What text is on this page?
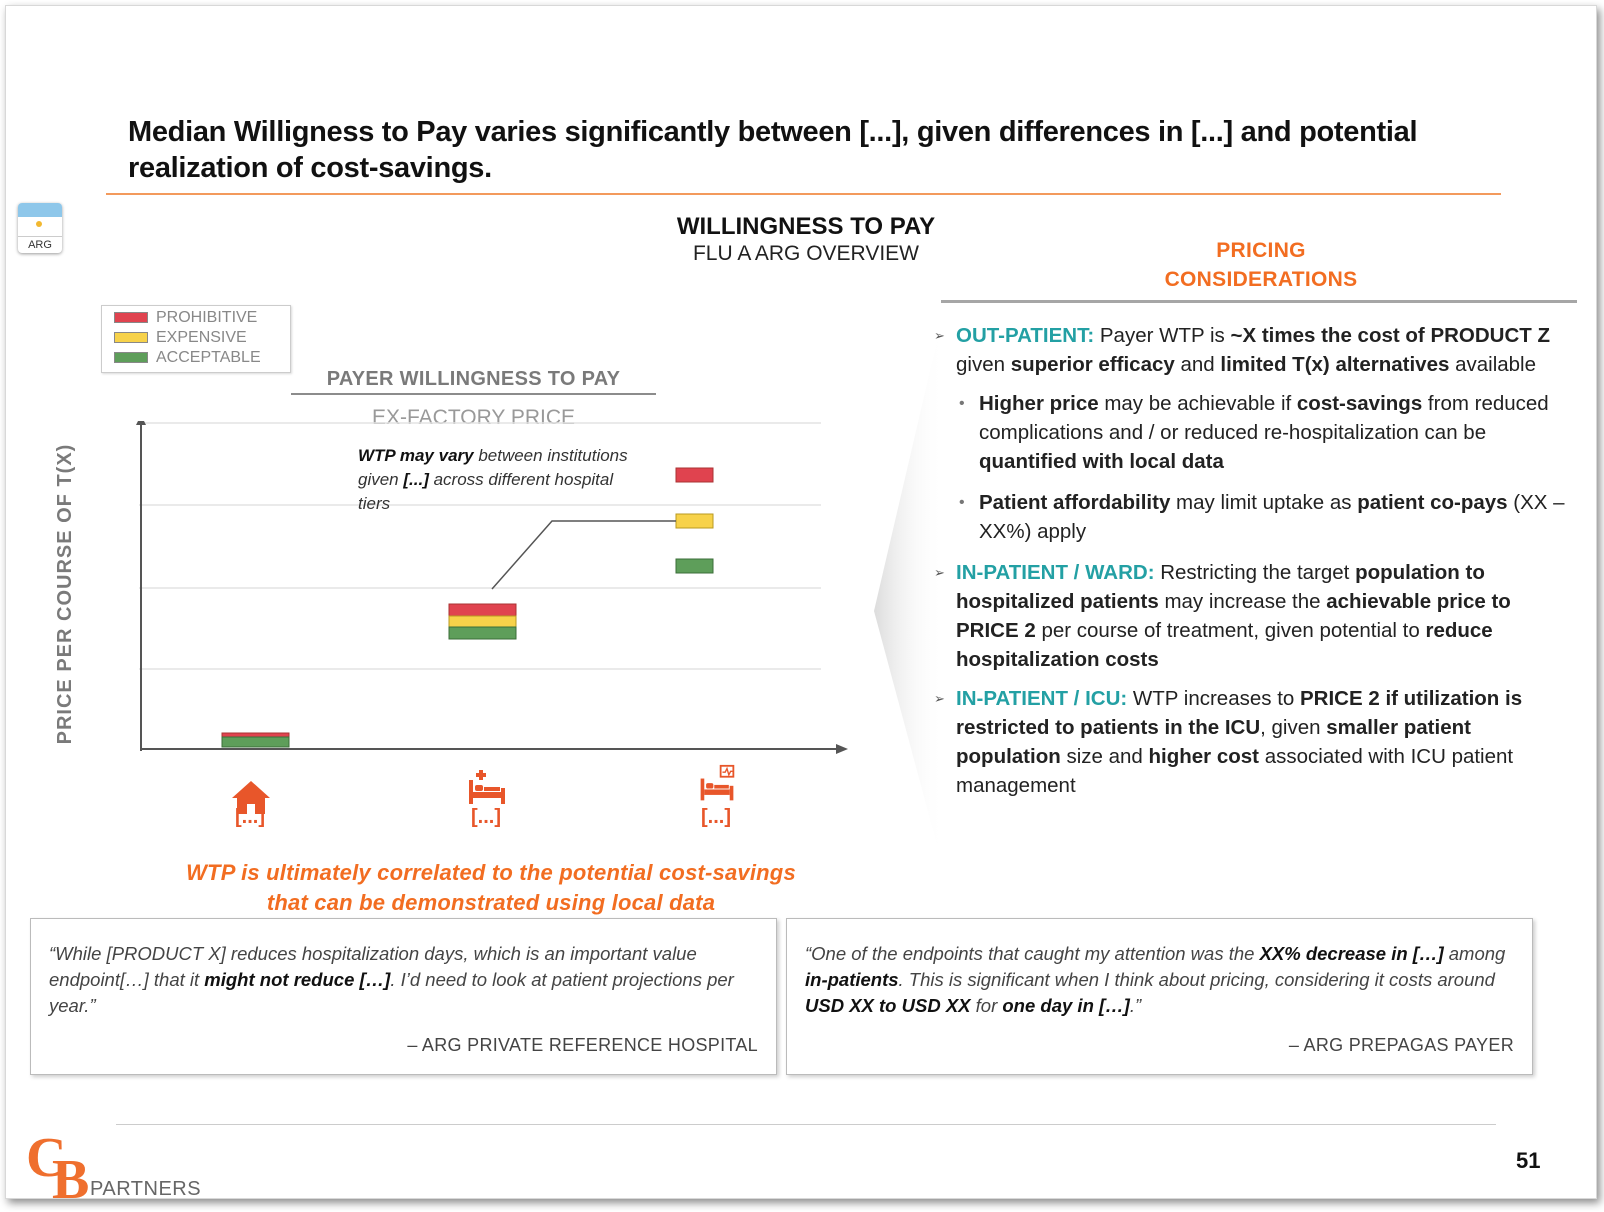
Median Willigness to Pay varies significantly between [...], given differences in [...] and potential realization of cost-savings.
ARG
WILLINGNESS TO PAY
FLU A ARG OVERVIEW
PROHIBITIVE
EXPENSIVE
ACCEPTABLE
PAYER WILLINGNESS TO PAY
EX-FACTORY PRICE
PRICE PER COURSE OF T(X)	WTP may vary between institutions given [...] across different hospital tiers
[...]	[...]	[...]
WTP is ultimately correlated to the potential cost-savings that can be demonstrated using local data
PRICING CONSIDERATIONS
➢ OUT-PATIENT: Payer WTP is ~X times the cost of PRODUCT Z given superior efficacy and limited T(x) alternatives available
• Higher price may be achievable if cost-savings from reduced complications and / or reduced re-hospitalization can be quantified with local data
• Patient affordability may limit uptake as patient co-pays (XX – XX%) apply
➢ IN-PATIENT / WARD: Restricting the target population to hospitalized patients may increase the achievable price to PRICE 2 per course of treatment, given potential to reduce hospitalization costs
➢ IN-PATIENT / ICU: WTP increases to PRICE 2 if utilization is restricted to patients in the ICU, given smaller patient population size and higher cost associated with ICU patient management
“While [PRODUCT X] reduces hospitalization days, which is an important value endpoint[…] that it might not reduce […]. I’d need to look at patient projections per year.”
– ARG PRIVATE REFERENCE HOSPITAL
“One of the endpoints that caught my attention was the XX% decrease in […] among in-patients. This is significant when I think about pricing, considering it costs around USD XX to USD XX for one day in […].”
– ARG PREPAGAS PAYER
C
B PARTNERS
51
